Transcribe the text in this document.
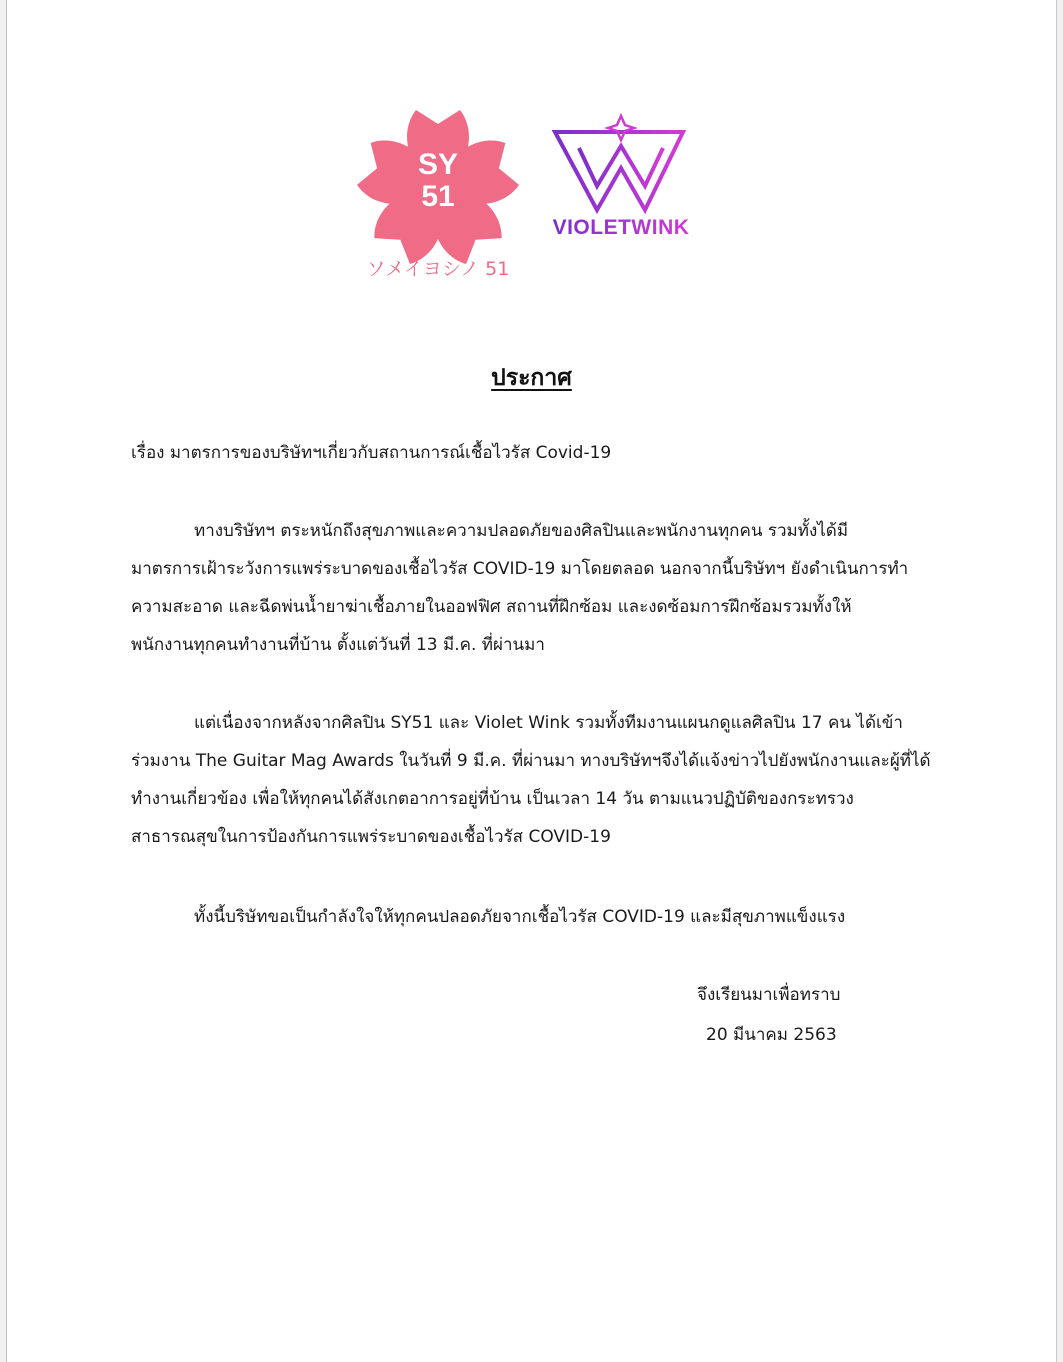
SY
51
ソメイヨシノ 51
VIOLETWINK
ประกาศ

เรื่อง มาตรการของบริษัทฯเกี่ยวกับสถานการณ์เชื้อไวรัส Covid-19

ทางบริษัทฯ ตระหนักถึงสุขภาพและความปลอดภัยของศิลปินและพนักงานทุกคน รวมทั้งได้มี

มาตรการเฝ้าระวังการแพร่ระบาดของเชื้อไวรัส COVID-19 มาโดยตลอด นอกจากนี้บริษัทฯ ยังดำเนินการทำ

ความสะอาด และฉีดพ่นน้ำยาฆ่าเชื้อภายในออฟฟิศ สถานที่ฝึกซ้อม และงดซ้อมการฝึกซ้อมรวมทั้งให้

พนักงานทุกคนทำงานที่บ้าน ตั้งแต่วันที่ 13 มี.ค. ที่ผ่านมา

แต่เนื่องจากหลังจากศิลปิน SY51 และ Violet Wink รวมทั้งทีมงานแผนกดูแลศิลปิน 17 คน ได้เข้า

ร่วมงาน The Guitar Mag Awards ในวันที่ 9 มี.ค. ที่ผ่านมา ทางบริษัทฯจึงได้แจ้งข่าวไปยังพนักงานและผู้ที่ได้

ทำงานเกี่ยวข้อง เพื่อให้ทุกคนได้สังเกตอาการอยู่ที่บ้าน เป็นเวลา 14 วัน ตามแนวปฏิบัติของกระทรวง

สาธารณสุขในการป้องกันการแพร่ระบาดของเชื้อไวรัส COVID-19

ทั้งนี้บริษัทขอเป็นกำลังใจให้ทุกคนปลอดภัยจากเชื้อไวรัส COVID-19 และมีสุขภาพแข็งแรง

จึงเรียนมาเพื่อทราบ

20 มีนาคม 2563
